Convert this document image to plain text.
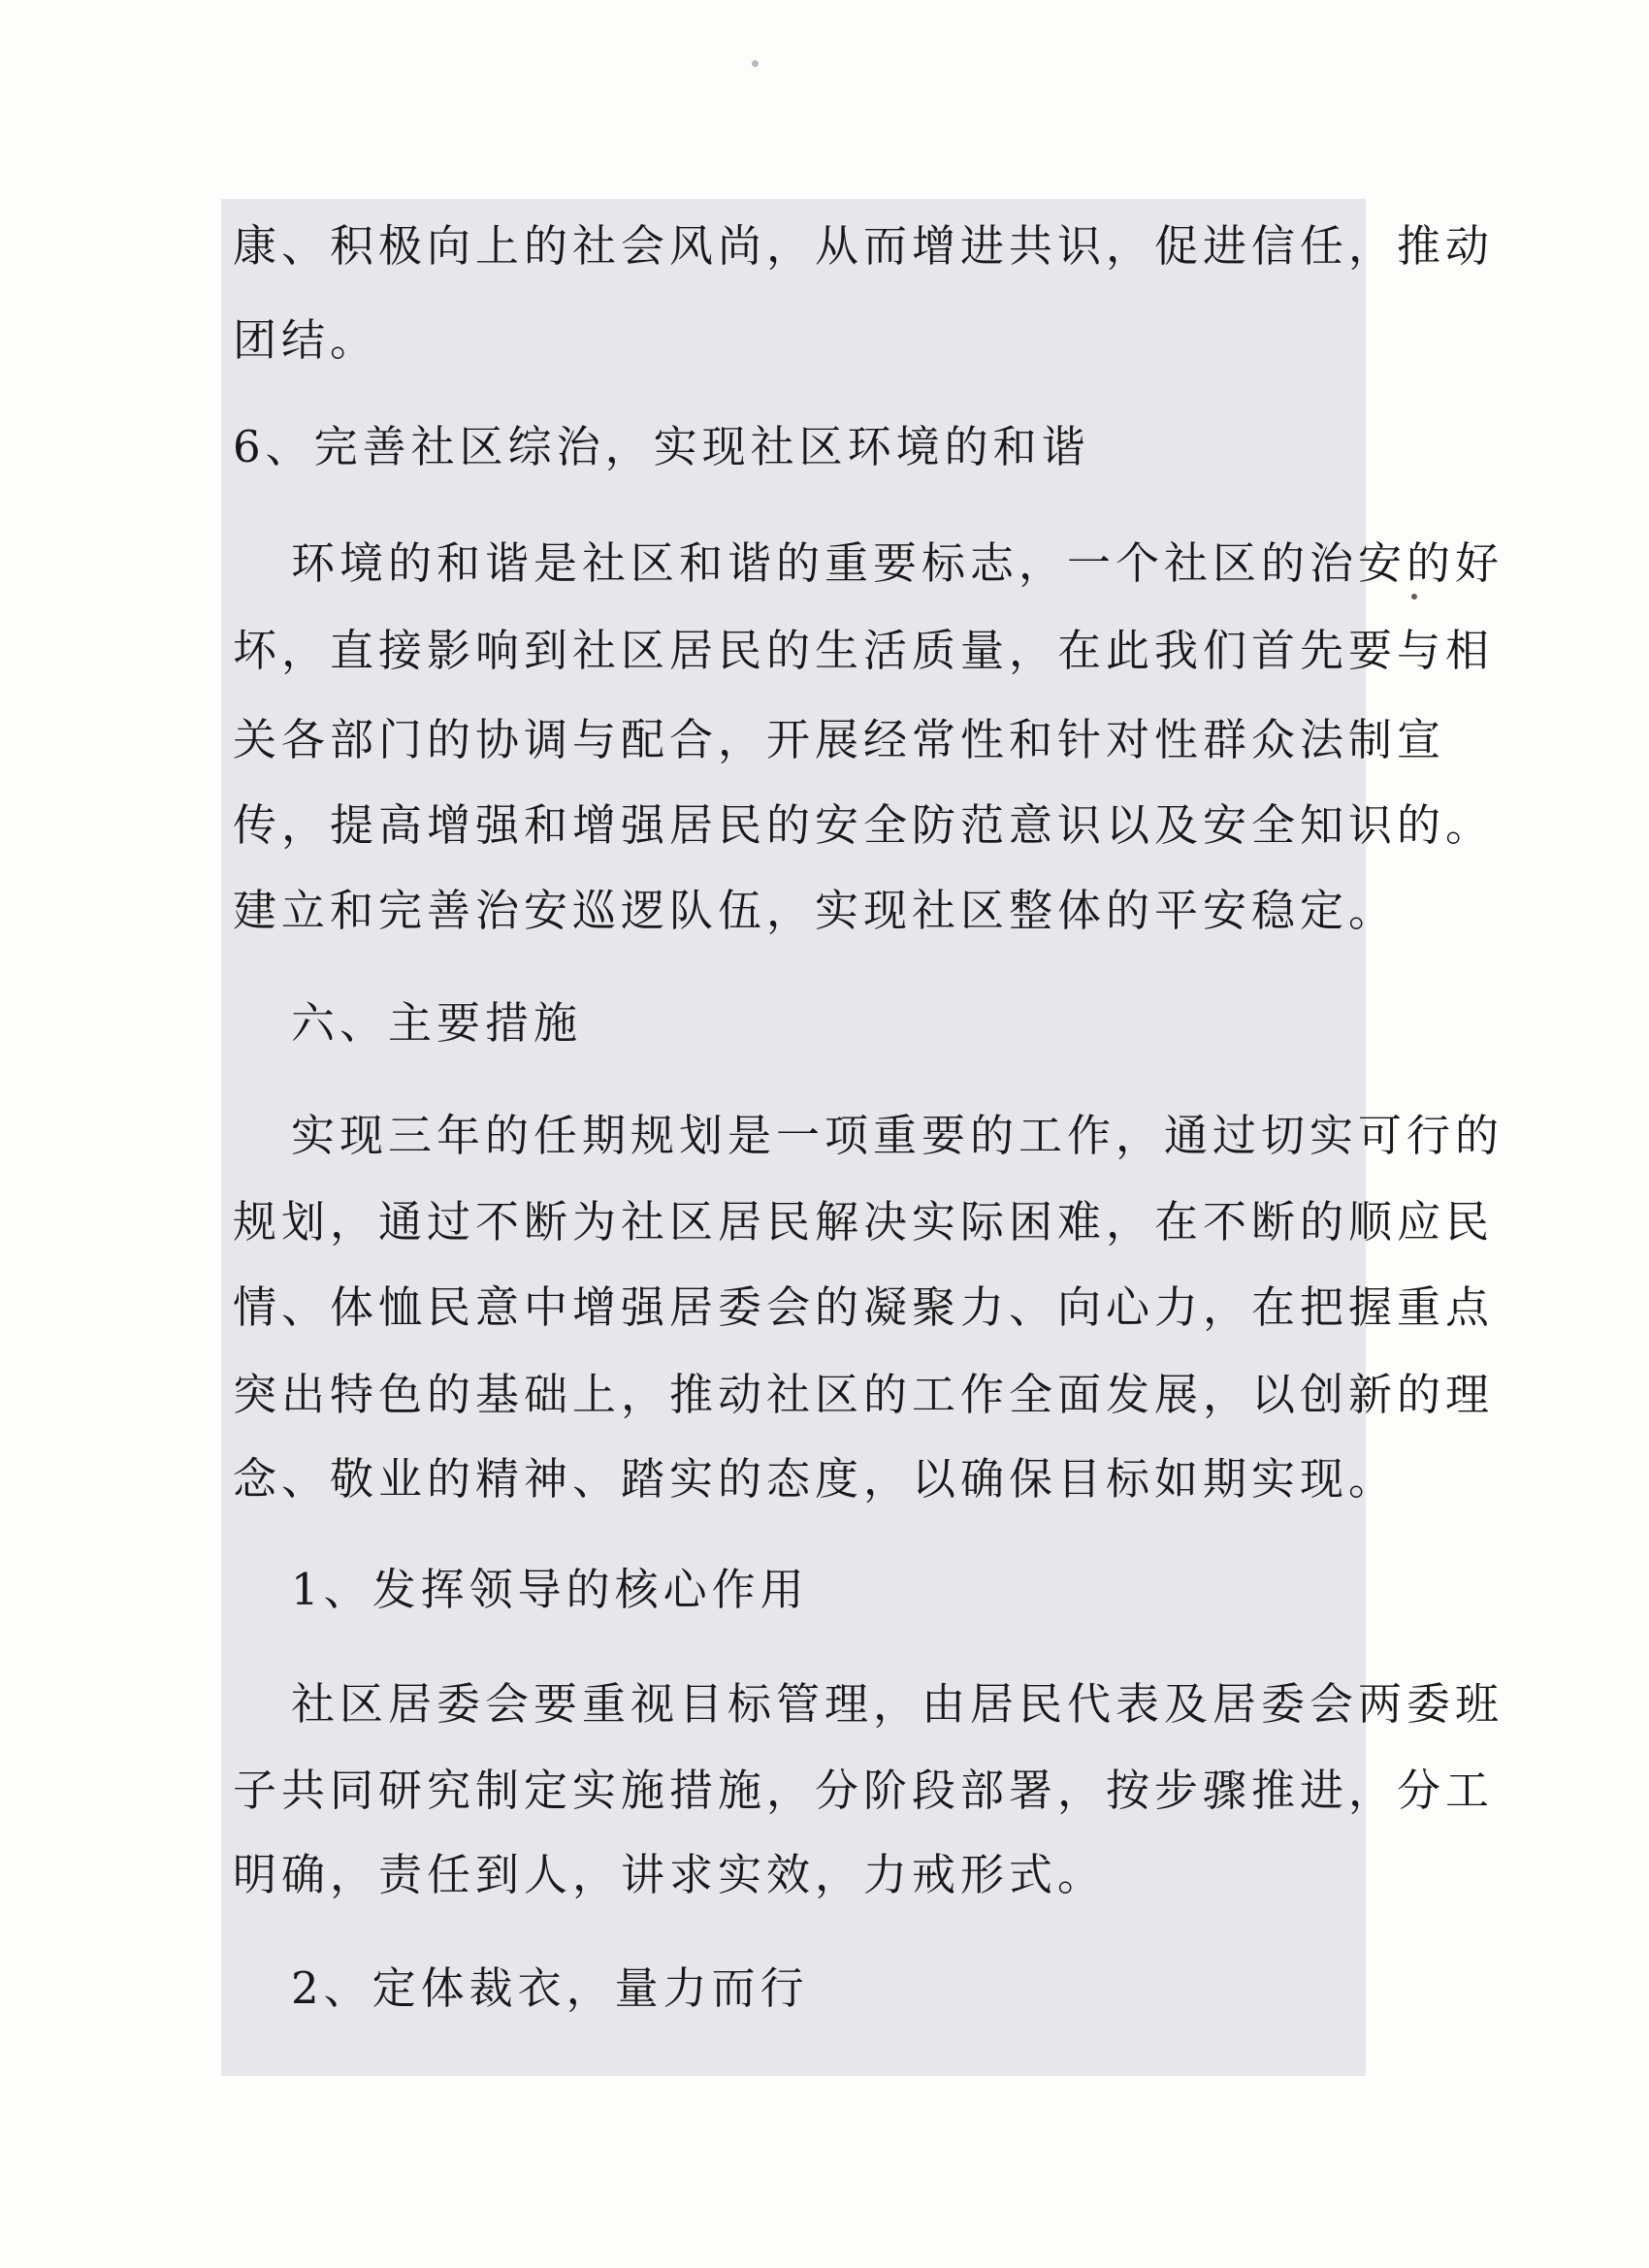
康、积极向上的社会风尚，从而增进共识，促进信任，推动
团结。
6、完善社区综治，实现社区环境的和谐
环境的和谐是社区和谐的重要标志，一个社区的治安的好
坏，直接影响到社区居民的生活质量，在此我们首先要与相
关各部门的协调与配合，开展经常性和针对性群众法制宣
传，提高增强和增强居民的安全防范意识以及安全知识的。
建立和完善治安巡逻队伍，实现社区整体的平安稳定。
六、主要措施
实现三年的任期规划是一项重要的工作，通过切实可行的
规划，通过不断为社区居民解决实际困难，在不断的顺应民
情、体恤民意中增强居委会的凝聚力、向心力，在把握重点
突出特色的基础上，推动社区的工作全面发展，以创新的理
念、敬业的精神、踏实的态度，以确保目标如期实现。
1、发挥领导的核心作用
社区居委会要重视目标管理，由居民代表及居委会两委班
子共同研究制定实施措施，分阶段部署，按步骤推进，分工
明确，责任到人，讲求实效，力戒形式。
2、定体裁衣，量力而行
